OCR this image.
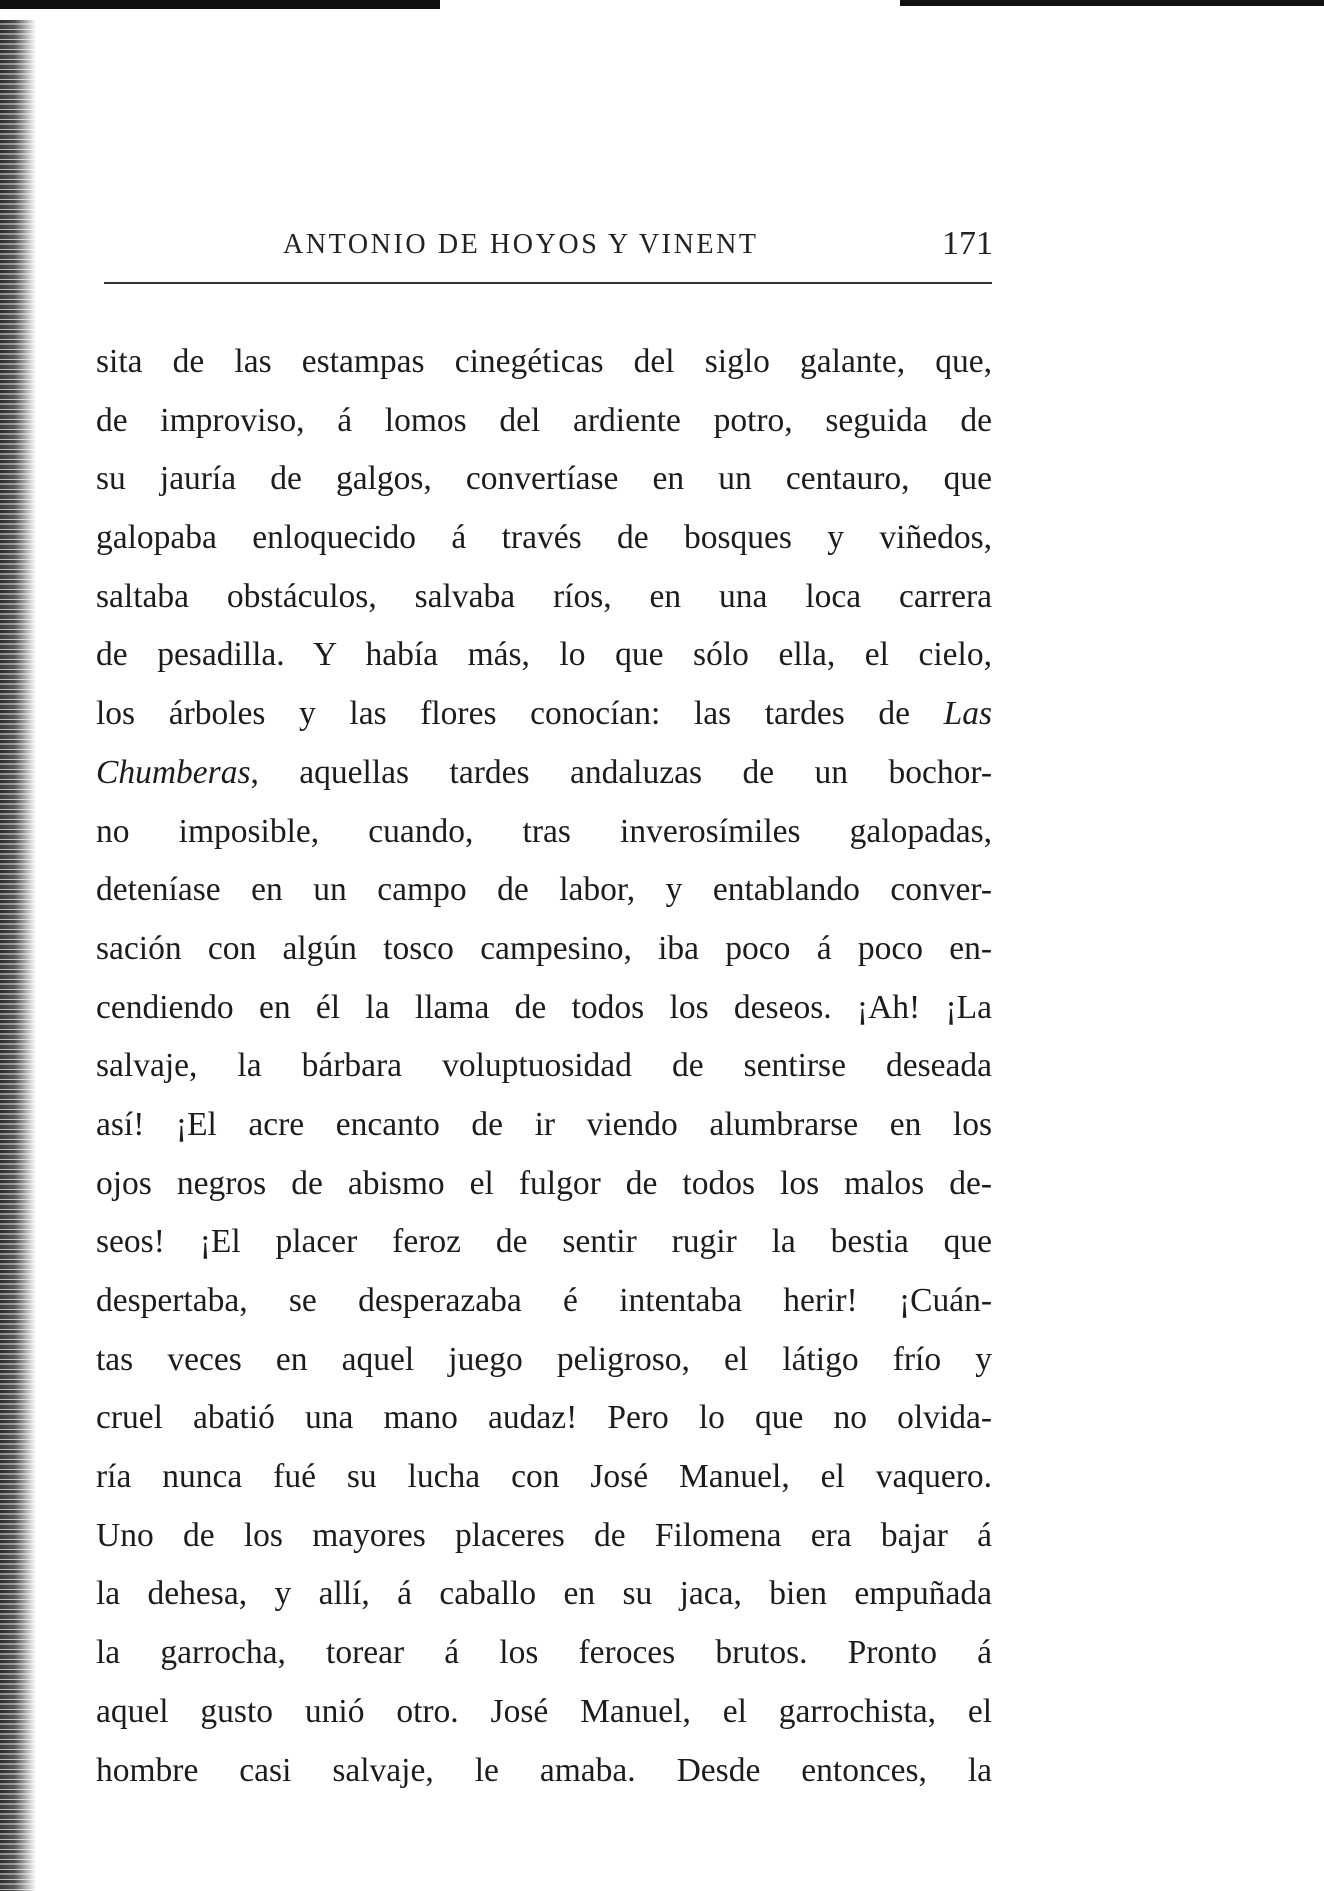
ANTONIO DE HOYOS Y VINENT	171
sita de las estampas cinegéticas del siglo galante, que,
de improviso, á lomos del ardiente potro, seguida de
su jauría de galgos, convertíase en un centauro, que
galopaba enloquecido á través de bosques y viñedos,
saltaba obstáculos, salvaba ríos, en una loca carrera
de pesadilla. Y había más, lo que sólo ella, el cielo,
los árboles y las flores conocían: las tardes de Las
Chumberas, aquellas tardes andaluzas de un bochor-
no imposible, cuando, tras inverosímiles galopadas,
deteníase en un campo de labor, y entablando conver-
sación con algún tosco campesino, iba poco á poco en-
cendiendo en él la llama de todos los deseos. ¡Ah! ¡La
salvaje, la bárbara voluptuosidad de sentirse deseada
así! ¡El acre encanto de ir viendo alumbrarse en los
ojos negros de abismo el fulgor de todos los malos de-
seos! ¡El placer feroz de sentir rugir la bestia que
despertaba, se desperazaba é intentaba herir! ¡Cuán-
tas veces en aquel juego peligroso, el látigo frío y
cruel abatió una mano audaz! Pero lo que no olvida-
ría nunca fué su lucha con José Manuel, el vaquero.
Uno de los mayores placeres de Filomena era bajar á
la dehesa, y allí, á caballo en su jaca, bien empuñada
la garrocha, torear á los feroces brutos. Pronto á
aquel gusto unió otro. José Manuel, el garrochista, el
hombre casi salvaje, le amaba. Desde entonces, la
